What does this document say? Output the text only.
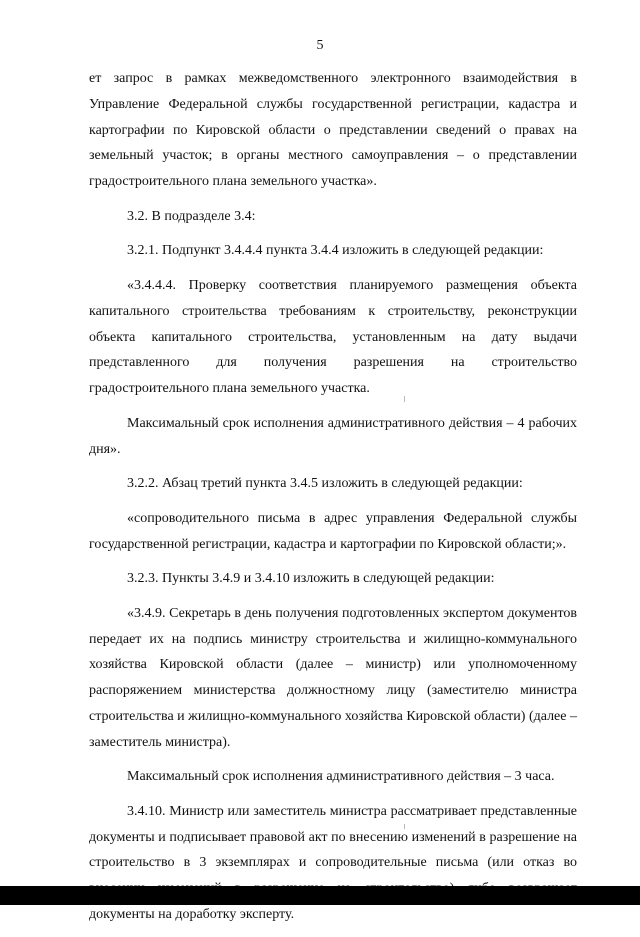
5

ет запрос в рамках межведомственного электронного взаимодействия в Управление Федеральной службы государственной регистрации, кадастра и картографии по Кировской области о представлении сведений о правах на земельный участок; в органы местного самоуправления – о представлении градостроительного плана земельного участка».

3.2. В подразделе 3.4:

3.2.1. Подпункт 3.4.4.4 пункта 3.4.4 изложить в следующей редакции:

«3.4.4.4. Проверку соответствия планируемого размещения объекта капитального строительства требованиям к строительству, реконструкции объекта капитального строительства, установленным на дату выдачи представленного для получения разрешения на строительство градостроительного плана земельного участка.

Максимальный срок исполнения административного действия – 4 рабочих дня».

3.2.2. Абзац третий пункта 3.4.5 изложить в следующей редакции:

«сопроводительного письма в адрес управления Федеральной службы государственной регистрации, кадастра и картографии по Кировской области;».

3.2.3. Пункты 3.4.9 и 3.4.10 изложить в следующей редакции:

«3.4.9. Секретарь в день получения подготовленных экспертом документов передает их на подпись министру строительства и жилищно-коммунального хозяйства Кировской области (далее – министр) или уполномоченному распоряжением министерства должностному лицу (заместителю министра строительства и жилищно-коммунального хозяйства Кировской области) (далее – заместитель министра).

Максимальный срок исполнения административного действия – 3 часа.

3.4.10. Министр или заместитель министра рассматривает представленные документы и подписывает правовой акт по внесению изменений в разрешение на строительство в 3 экземплярах и сопроводительные письма (или отказ во документы на доработку эксперту.
